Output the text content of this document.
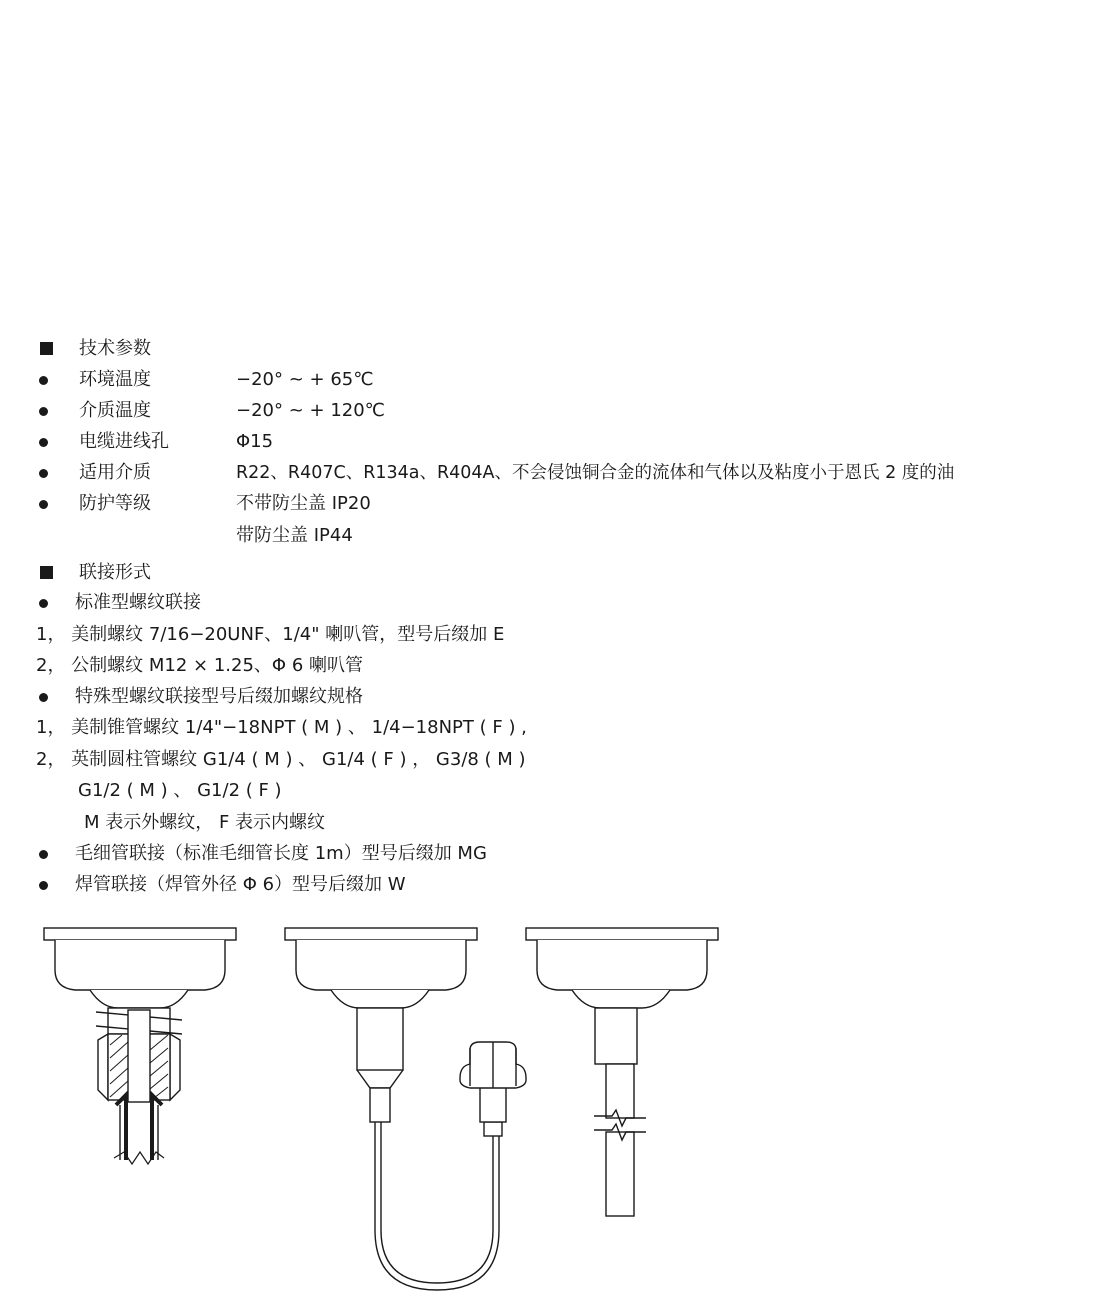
技术参数
环境温度	−20° ~ + 65℃
介质温度	−20° ~ + 120℃
电缆进线孔	Φ15
适用介质	R22、R407C、R134a、R404A、不会侵蚀铜合金的流体和气体以及粘度小于恩氏 2 度的油
防护等级	不带防尘盖 IP20
带防尘盖 IP44
联接形式
标准型螺纹联接
1， 美制螺纹 7/16−20UNF、1/4" 喇叭管，型号后缀加 E
2， 公制螺纹 M12 × 1.25、Φ 6 喇叭管
特殊型螺纹联接型号后缀加螺纹规格
1， 美制锥管螺纹 1/4"−18NPT ( M ) 、 1/4−18NPT ( F ) ,
2， 英制圆柱管螺纹 G1/4 ( M ) 、 G1/4 ( F ) ， G3/8 ( M )
G1/2 ( M ) 、 G1/2 ( F )
M 表示外螺纹， F 表示内螺纹
毛细管联接（标准毛细管长度 1m）型号后缀加 MG
焊管联接（焊管外径 Φ 6）型号后缀加 W
